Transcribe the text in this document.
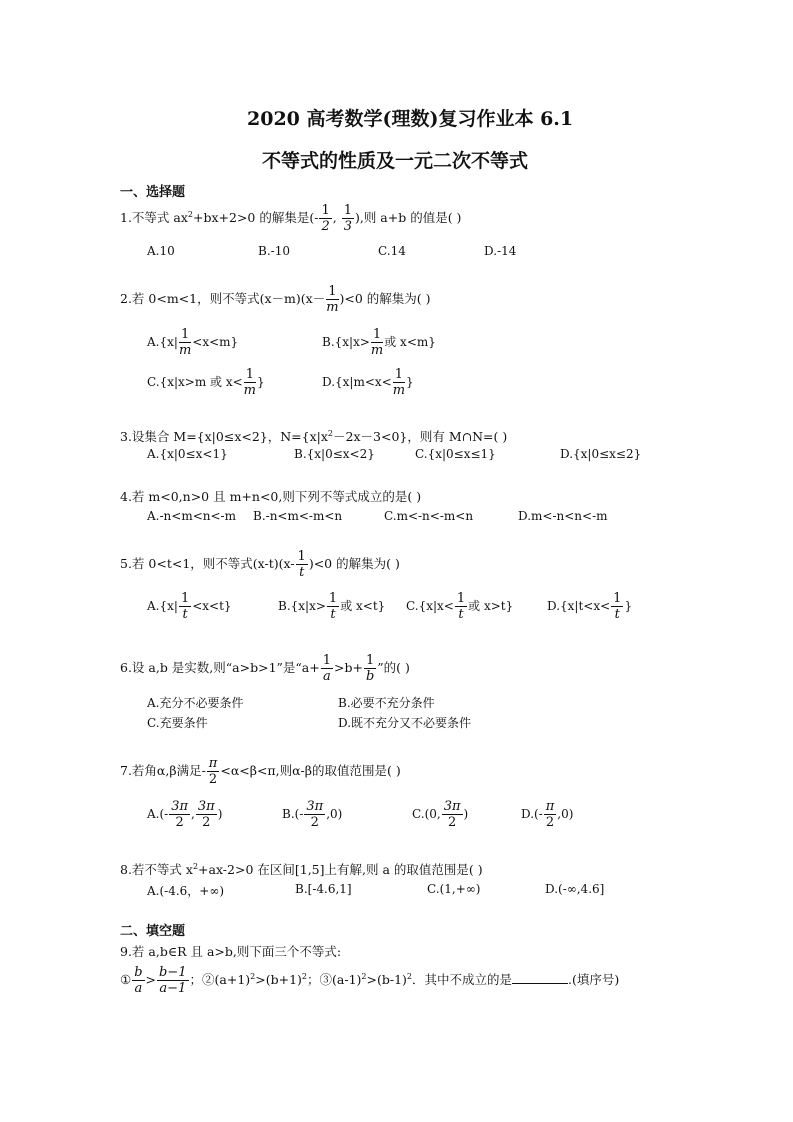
2020 高考数学(理数)复习作业本 6.1
不等式的性质及一元二次不等式
一、选择题
1.不等式 $ax^2+bx+2>0$ 的解集是(- $\frac{1}{2}$ , $\frac{1}{3}$ ),则 a+b 的值是( )
A.10	B.-10	C.14	D.-14
2.若 0<m<1，则不等式$(x-m)(x- \frac{1}{m} )<0$ 的解集为( )
$A.\{x| \frac{1}{m} <x<m\}$	$B.\{x|x> \frac{1}{m}$ 或 x<m}
C.{x|x>m 或 $x< \frac{1}{m}$ }	$D.\{x|m<x< \frac{1}{m}$ }
3.设集合 M={x|0≤x<2}，$N=\{x|x^2-2x-3<0\}$，则有 M∩N=( )
A.{x|0≤x<1}	B.{x|0≤x<2}	C.{x|0≤x≤1}	D.{x|0≤x≤2}
4.若 m<0,n>0 且 m+n<0,则下列不等式成立的是( )
A.-n<m<n<-m B.-n<m<-m<n	C.m<-n<-m<n	D.m<-n<n<-m
5.若 0<t<1，则不等式$(x-t)(x- \frac{1}{t} )<0$ 的解集为( )
$A.\{x| \frac{1}{t} <x<t\}$	$B.\{x|x> \frac{1}{t}$ 或 x<t} $C.\{x|x< \frac{1}{t}$ 或 x>t}	$D.\{x|t<x< \frac{1}{t}$ }
6.设 a,b 是实数,则“a>b>1”是“$a+ \frac{1}{a} >b+ \frac{1}{b}$ ”的( )
A.充分不必要条件	B.必要不充分条件
C.充要条件	D.既不充分又不必要条件
7.若角α,β满足- $\frac{\pi}{2} <\alpha<\beta<\pi$,则α-β的取值范围是( )
$A.(- \frac{3\pi}{2}$ , $\frac{3\pi}{2}$ )	$B.(- \frac{3\pi}{2} ,0)$	C.(0, $\frac{3\pi}{2}$ )	$D.(- \frac{\pi}{2} ,0)$
8.若不等式 $x^2+ax-2>0$ 在区间[1,5]上有解,则 a 的取值范围是( )
A.(-4.6，+∞)	B.[-4.6,1]	C.(1,+∞)	D.(-∞,4.6]
二、填空题
9.若 a,b∈R 且 a>b,则下面三个不等式:
① $\frac{b}{a} > \frac{b-1}{a-1}$ ；$②(a+1)^2>(b+1)^2$；$③(a-1)^2>(b-1)^2$．其中不成立的是	.(填序号)
